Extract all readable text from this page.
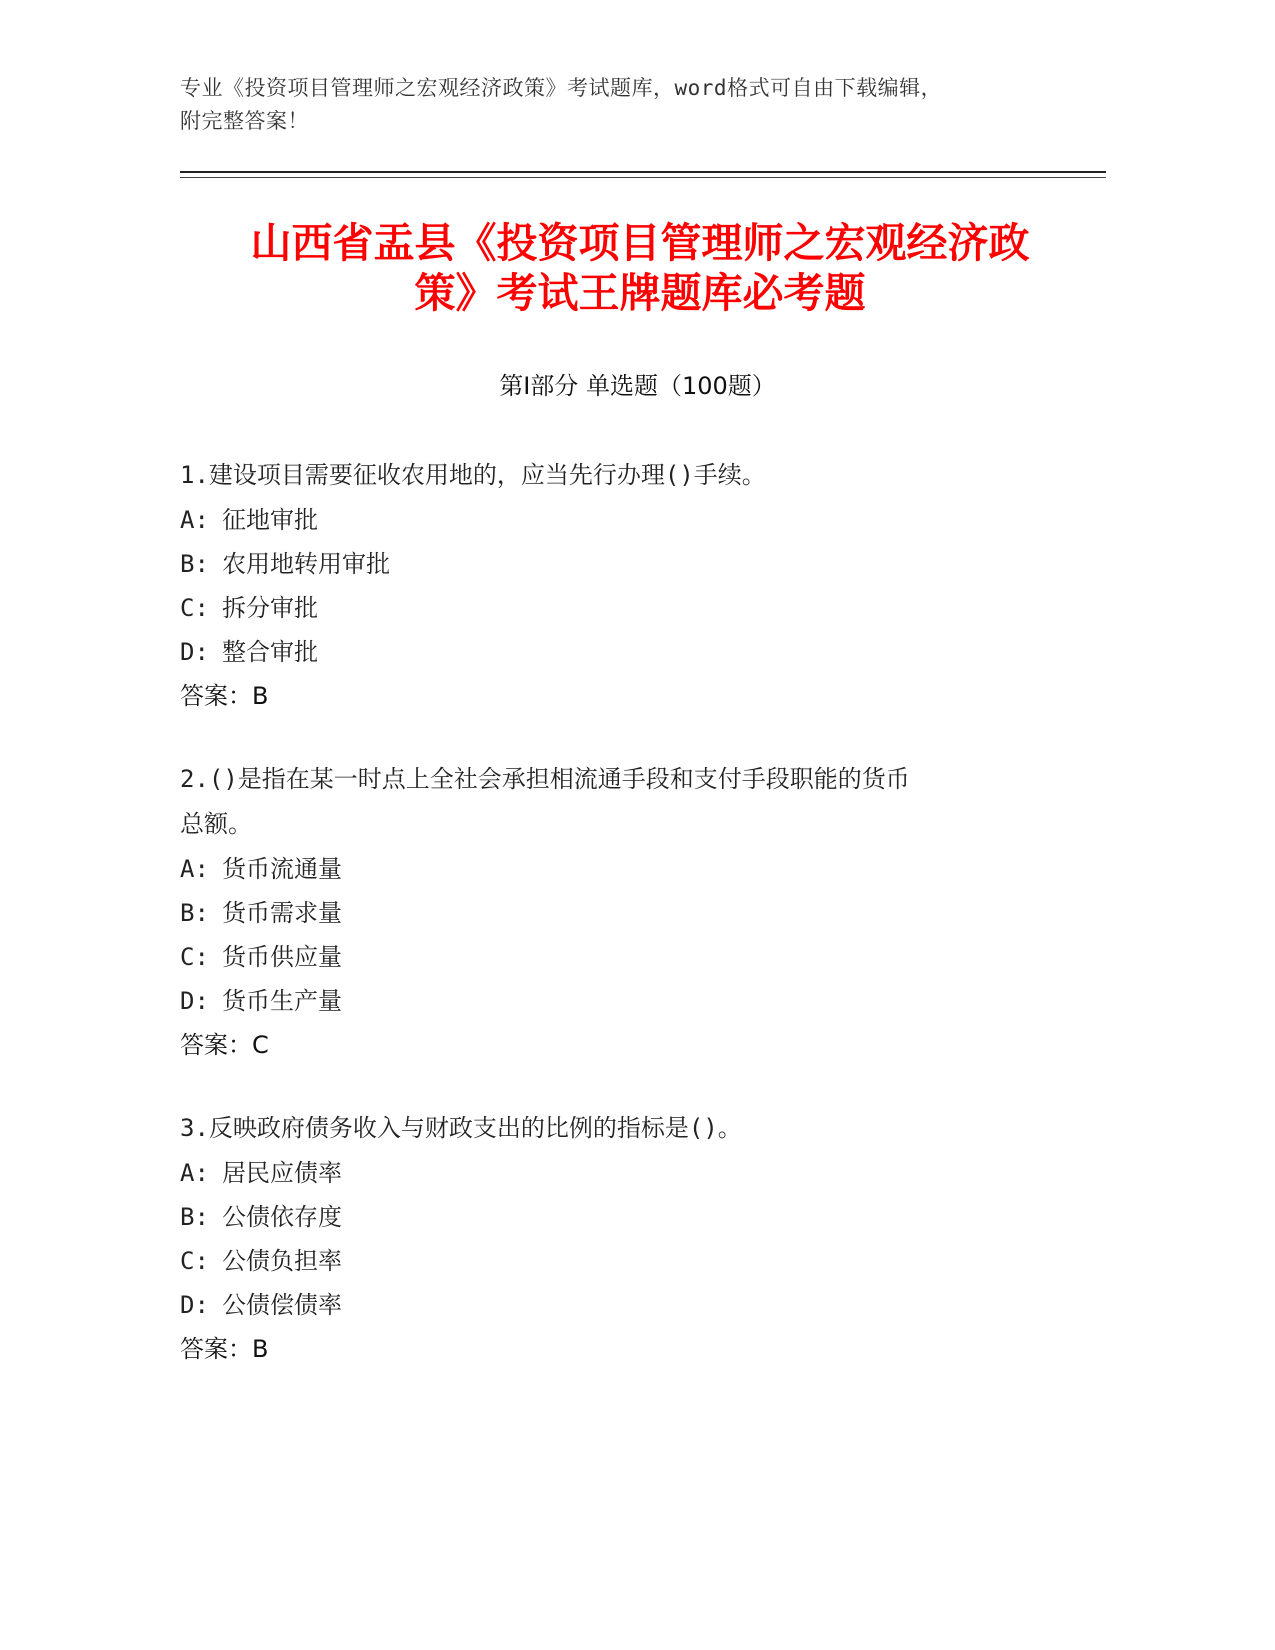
专业《投资项目管理师之宏观经济政策》考试题库，word格式可自由下载编辑，
附完整答案！
山西省盂县《投资项目管理师之宏观经济政
策》考试王牌题库必考题
第Ⅰ部分 单选题（100题）
1.建设项目需要征收农用地的，应当先行办理()手续。
A: 征地审批
B: 农用地转用审批
C: 拆分审批
D: 整合审批
答案：B
2.()是指在某一时点上全社会承担相流通手段和支付手段职能的货币
总额。
A: 货币流通量
B: 货币需求量
C: 货币供应量
D: 货币生产量
答案：C
3.反映政府债务收入与财政支出的比例的指标是()。
A: 居民应债率
B: 公债依存度
C: 公债负担率
D: 公债偿债率
答案：B
